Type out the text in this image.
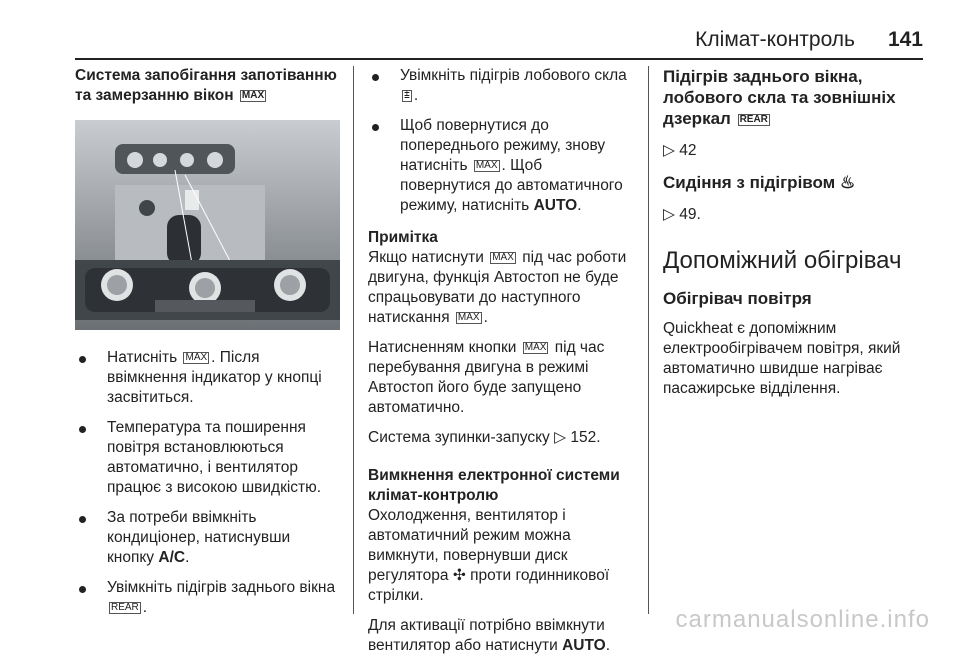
Клімат-контроль 141
Система запобігання запотіванню
та замерзанню вікон MAX
Натисніть MAX . Після ввімкнення індикатор у кнопці засвітиться.
Температура та поширення повітря встановлюються автоматично, і вентилятор працює з високою швидкістю.
За потреби ввімкніть кондиціонер, натиснувши кнопку A/C.
Увімкніть підігрів заднього вікна REAR .
Увімкніть підігрів лобового скла ⩲ .
Щоб повернутися до попереднього режиму, знову натисніть MAX . Щоб повернутися до автоматичного режиму, натисніть AUTO.
Примітка
Якщо натиснути MAX під час роботи двигуна, функція Автостоп не буде спрацьовувати до наступного натискання MAX .
Натисненням кнопки MAX під час перебування двигуна в режимі Автостоп його буде запущено автоматично.
Система зупинки-запуску ▷ 152.
Вимкнення електронної системи клімат-контролю
Охолодження, вентилятор і автоматичний режим можна вимкнути, повернувши диск регулятора ✣ проти годинникової стрілки.
Для активації потрібно ввімкнути вентилятор або натиснути AUTO.
Підігрів заднього вікна,
лобового скла та зовнішніх
дзеркал REAR
▷ 42
Сидіння з підігрівом ♨
▷ 49.
Допоміжний обігрівач
Обігрівач повітря
Quickheat є допоміжним електрообігрівачем повітря, який автоматично швидше нагріває пасажирське відділення.
carmanualsonline.info
